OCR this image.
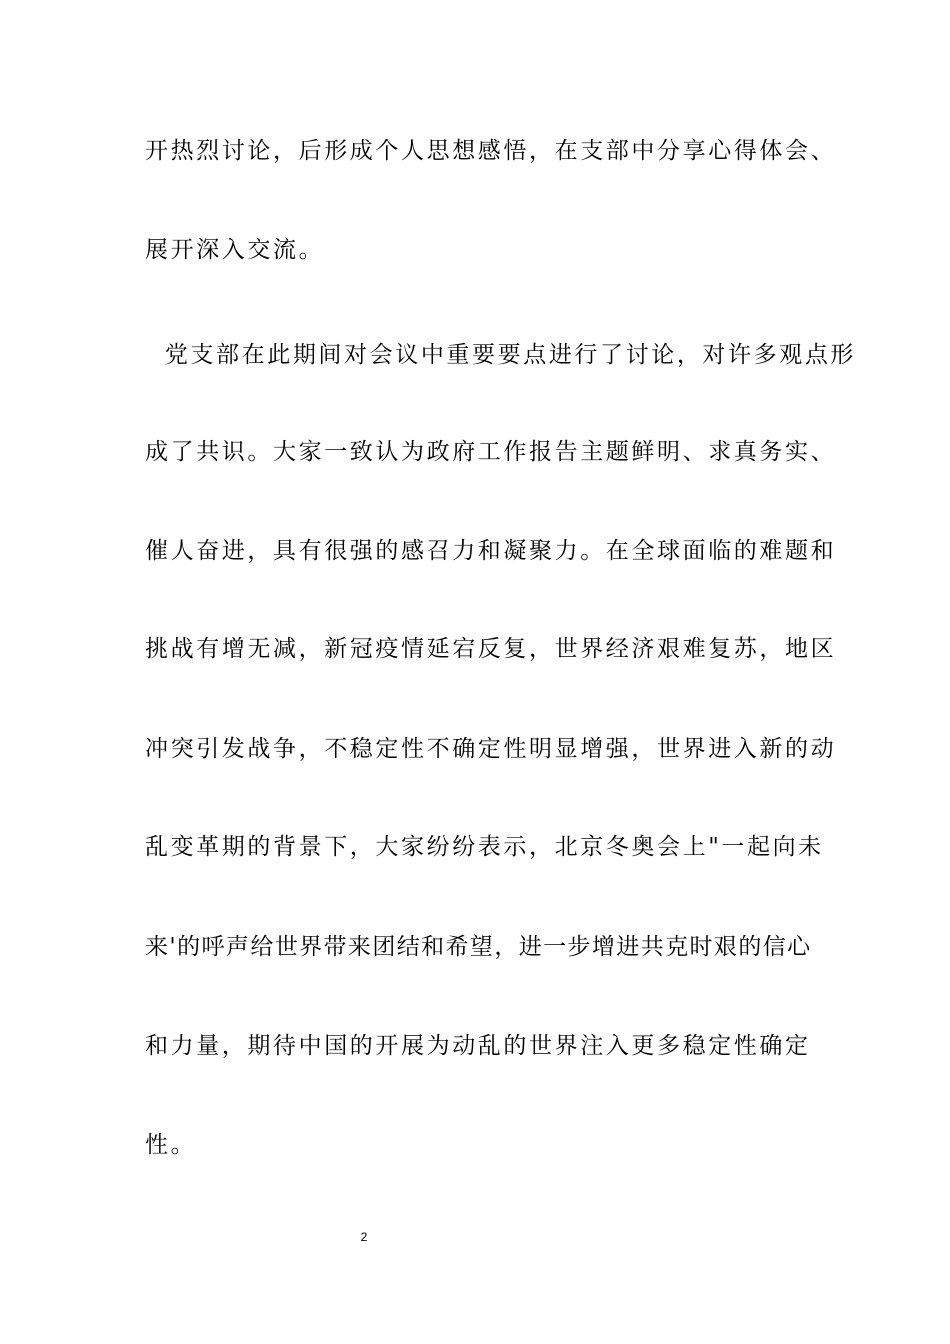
开热烈讨论，后形成个人思想感悟，在支部中分享心得体会、
展开深入交流。
党支部在此期间对会议中重要要点进行了讨论，对许多观点形
成了共识。大家一致认为政府工作报告主题鲜明、求真务实、
催人奋进，具有很强的感召力和凝聚力。在全球面临的难题和
挑战有增无减，新冠疫情延宕反复，世界经济艰难复苏，地区
冲突引发战争，不稳定性不确定性明显增强，世界进入新的动
乱变革期的背景下，大家纷纷表示，北京冬奥会上"一起向未
来'的呼声给世界带来团结和希望，进一步增进共克时艰的信心
和力量，期待中国的开展为动乱的世界注入更多稳定性确定
性。
2
